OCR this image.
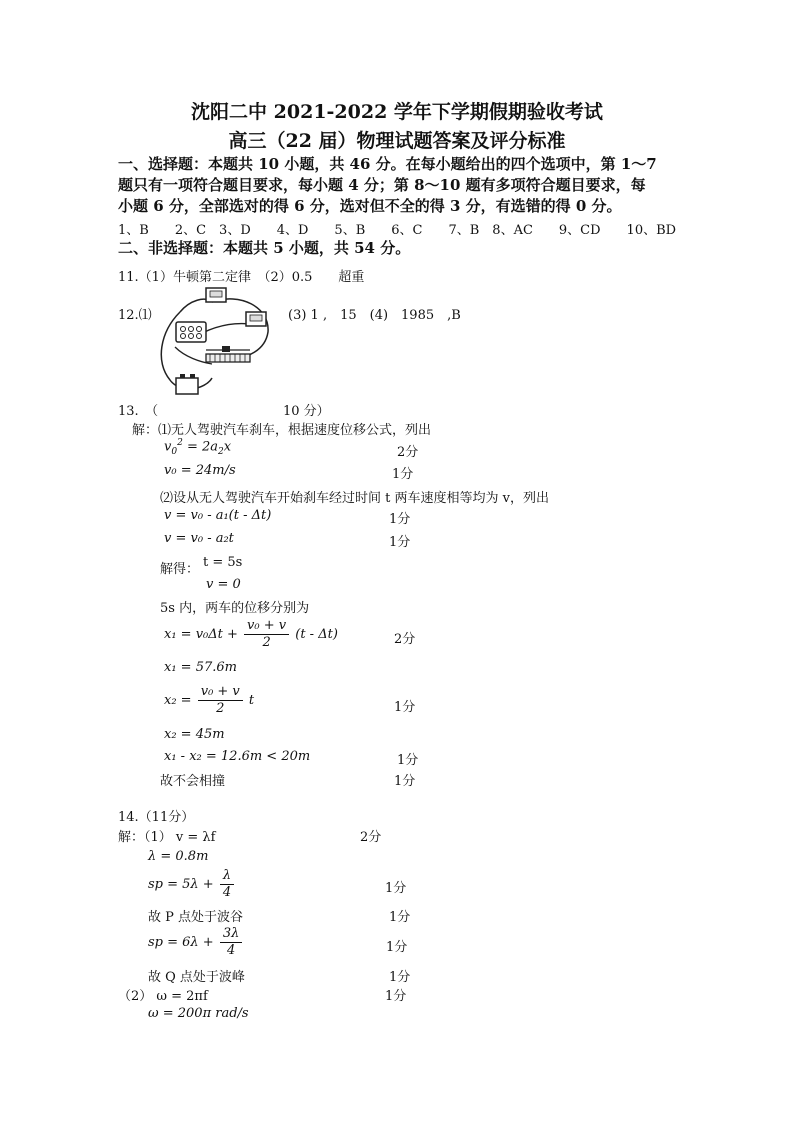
沈阳二中 2021-2022 学年下学期假期验收考试
高三（22 届）物理试题答案及评分标准
一、选择题：本题共 10 小题，共 46 分。在每小题给出的四个选项中，第 1～7
题只有一项符合题目要求，每小题 4 分；第 8～10 题有多项符合题目要求，每
小题 6 分，全部选对的得 6 分，选对但不全的得 3 分，有选错的得 0 分。
1、B　　2、C　3、D　　4、D　　5、B　　6、C　　7、B　8、AC　　9、CD　　10、BD
二、非选择题：本题共 5 小题，共 54 分。
11.（1）牛顿第二定律　（2）0.5　　超重
12.⑴	(3) 1 ,　15　(4)　1985　,B
13.　（	10 分）
解：⑴无人驾驶汽车刹车，根据速度位移公式，列出
$v_0^2 = 2a_2x$	2分
v₀ = 24m/s	1分
⑵设从无人驾驶汽车开始刹车经过时间 t 两车速度相等均为 v，列出
v = v₀ - a₁(t - Δt)	1分
v = v₀ - a₂t	1分
解得： t = 5s
v = 0
5s 内，两车的位移分别为
$x_1 = v_0\Delta t + \frac{\text{v₀ + v}}{2} (t - \Delta t)$	2分
x₁ = 57.6m
$x_2 = \frac{\text{v₀ + v}}{2}$ t	1分
x₂ = 45m
x₁ - x₂ = 12.6m < 20m	1分
故不会相撞	1分
14.（11分）
解：（1） v = λf	2分
λ = 0.8m
sp = $5\lambda + \frac{\lambda}{4}$	1分
故 P 点处于波谷	1分
sp = $6\lambda + \frac{3\lambda}{4}$	1分
故 Q 点处于波峰	1分
（2） ω = 2πf	1分
ω = 200π rad/s
